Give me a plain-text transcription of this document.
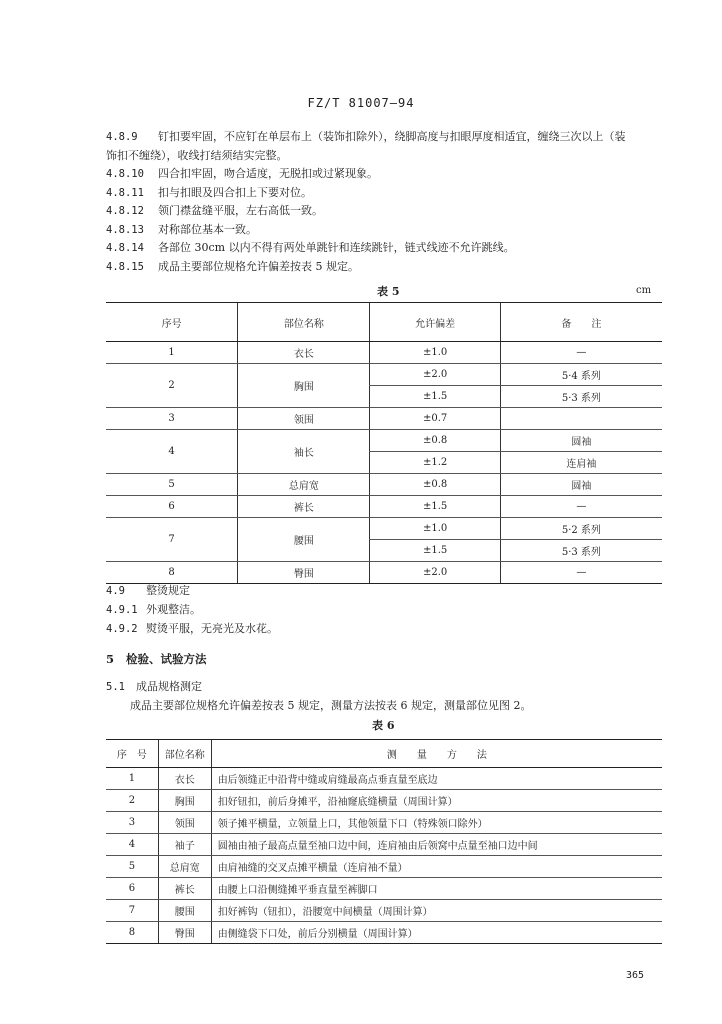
FZ/T 81007—94
4.8.9 钉扣要牢固，不应钉在单层布上（装饰扣除外），绕脚高度与扣眼厚度相适宜，缠绕三次以上（装
饰扣不缠绕），收线打结须结实完整。
4.8.10 四合扣牢固，吻合适度，无脱扣或过紧现象。
4.8.11 扣与扣眼及四合扣上下要对位。
4.8.12 领门襟盆缝平服，左右高低一致。
4.8.13 对称部位基本一致。
4.8.14 各部位 30cm 以内不得有两处单跳针和连续跳针，链式线迹不允许跳线。
4.8.15 成品主要部位规格允许偏差按表 5 规定。
表 5	cm
序号	部位名称	允许偏差	备　　注
1	衣长	±1.0	—
2	胸围	±2.0	5·4 系列
		±1.5	5·3 系列
3	领围	±0.7	
4	袖长	±0.8	圆袖
		±1.2	连肩袖
5	总肩宽	±0.8	圆袖
6	裤长	±1.5	—
7	腰围	±1.0	5·2 系列
		±1.5	5·3 系列
8	臀围	±2.0	—
4.9 整烫规定
4.9.1 外观整洁。
4.9.2 熨烫平服，无亮光及水花。
5 检验、试验方法
5.1 成品规格测定
成品主要部位规格允许偏差按表 5 规定，测量方法按表 6 规定，测量部位见图 2。
表 6
序　号	部位名称	测　　量　　方　　法
1	衣长	由后领缝正中沿背中缝或肩缝最高点垂直量至底边
2	胸围	扣好钮扣，前后身摊平，沿袖窿底缝横量（周围计算）
3	领围	领子摊平横量，立领量上口，其他领量下口（特殊领口除外）
4	袖子	圆袖由袖子最高点量至袖口边中间，连肩袖由后领窝中点量至袖口边中间
5	总肩宽	由肩袖缝的交叉点摊平横量（连肩袖不量）
6	裤长	由腰上口沿侧缝摊平垂直量至裤脚口
7	腰围	扣好裤钩（钮扣），沿腰宽中间横量（周围计算）
8	臀围	由侧缝袋下口处，前后分别横量（周围计算）
365
